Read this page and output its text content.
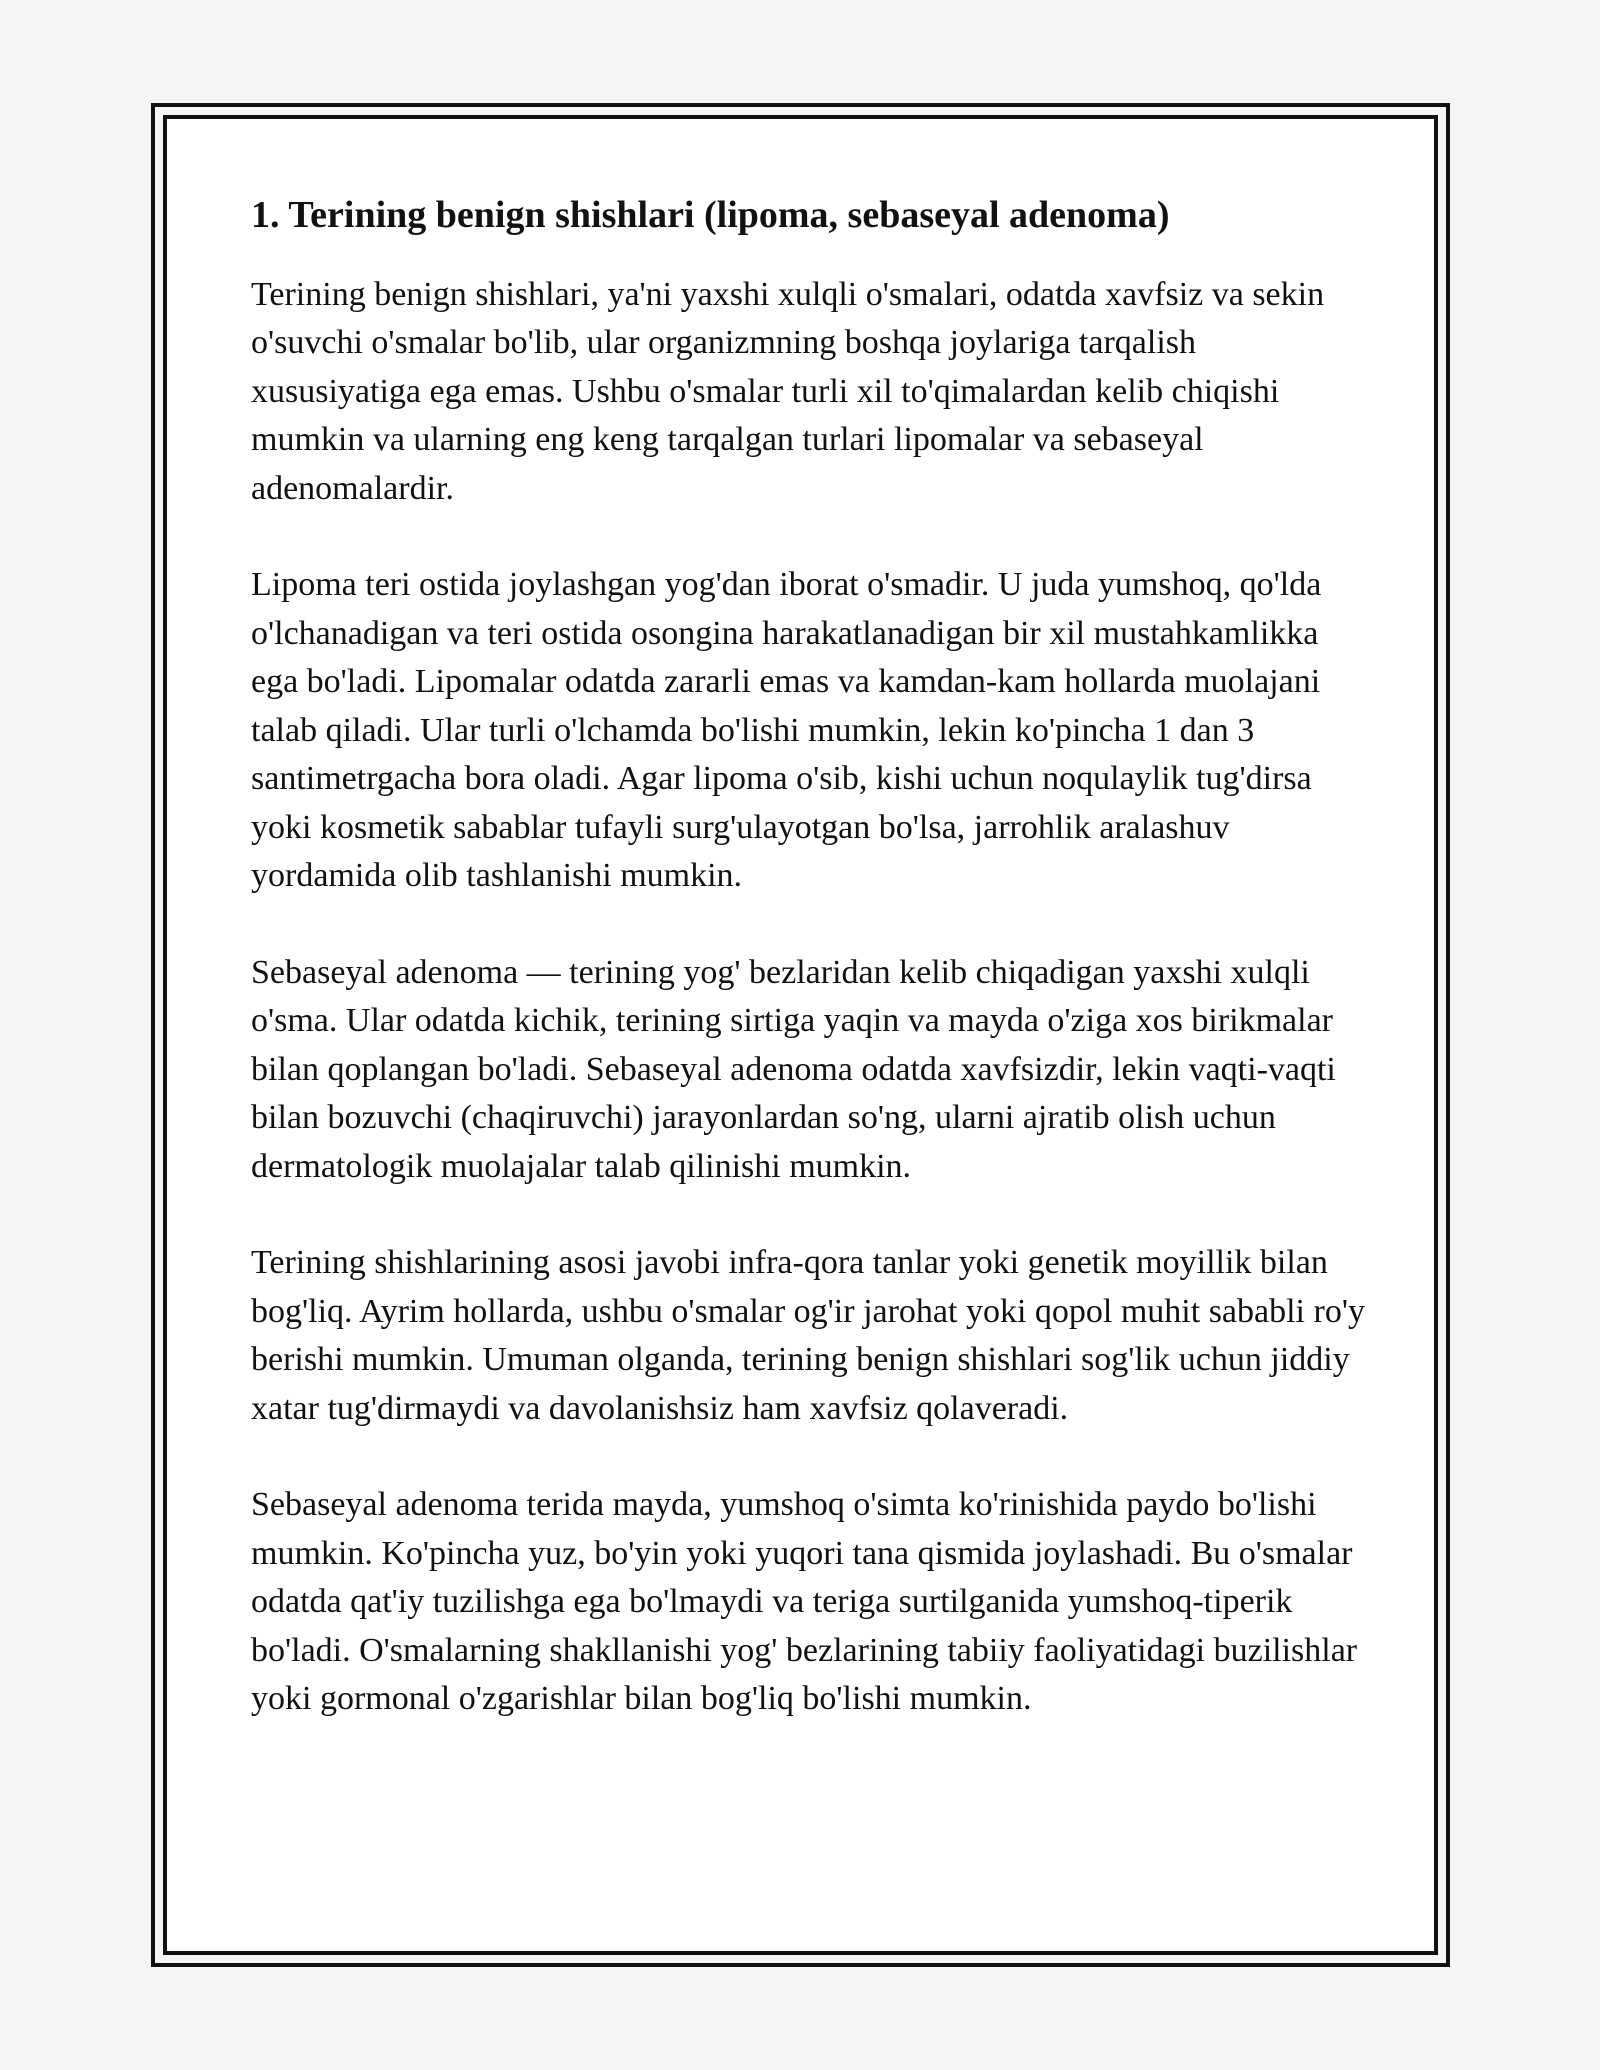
1. Terining benign shishlari (lipoma, sebaseyal adenoma)

Terining benign shishlari, ya'ni yaxshi xulqli o'smalari, odatda xavfsiz va sekin o'suvchi o'smalar bo'lib, ular organizmning boshqa joylariga tarqalish xususiyatiga ega emas. Ushbu o'smalar turli xil to'qimalardan kelib chiqishi mumkin va ularning eng keng tarqalgan turlari lipomalar va sebaseyal adenomalardir.

Lipoma teri ostida joylashgan yog'dan iborat o'smadir. U juda yumshoq, qo'lda o'lchanadigan va teri ostida osongina harakatlanadigan bir xil mustahkamlikka ega bo'ladi. Lipomalar odatda zararli emas va kamdan-kam hollarda muolajani talab qiladi. Ular turli o'lchamda bo'lishi mumkin, lekin ko'pincha 1 dan 3 santimetrgacha bora oladi. Agar lipoma o'sib, kishi uchun noqulaylik tug'dirsa yoki kosmetik sabablar tufayli surg'ulayotgan bo'lsa, jarrohlik aralashuv yordamida olib tashlanishi mumkin.

Sebaseyal adenoma — terining yog' bezlaridan kelib chiqadigan yaxshi xulqli o'sma. Ular odatda kichik, terining sirtiga yaqin va mayda o'ziga xos birikmalar bilan qoplangan bo'ladi. Sebaseyal adenoma odatda xavfsizdir, lekin vaqti-vaqti bilan bozuvchi (chaqiruvchi) jarayonlardan so'ng, ularni ajratib olish uchun dermatologik muolajalar talab qilinishi mumkin.

Terining shishlarining asosi javobi infra-qora tanlar yoki genetik moyillik bilan bog'liq. Ayrim hollarda, ushbu o'smalar og'ir jarohat yoki qopol muhit sababli ro'y berishi mumkin. Umuman olganda, terining benign shishlari sog'lik uchun jiddiy xatar tug'dirmaydi va davolanishsiz ham xavfsiz qolaveradi.

Sebaseyal adenoma terida mayda, yumshoq o'simta ko'rinishida paydo bo'lishi mumkin. Ko'pincha yuz, bo'yin yoki yuqori tana qismida joylashadi. Bu o'smalar odatda qat'iy tuzilishga ega bo'lmaydi va teriga surtilganida yumshoq-tiperik bo'ladi. O'smalarning shakllanishi yog' bezlarining tabiiy faoliyatidagi buzilishlar yoki gormonal o'zgarishlar bilan bog'liq bo'lishi mumkin.
